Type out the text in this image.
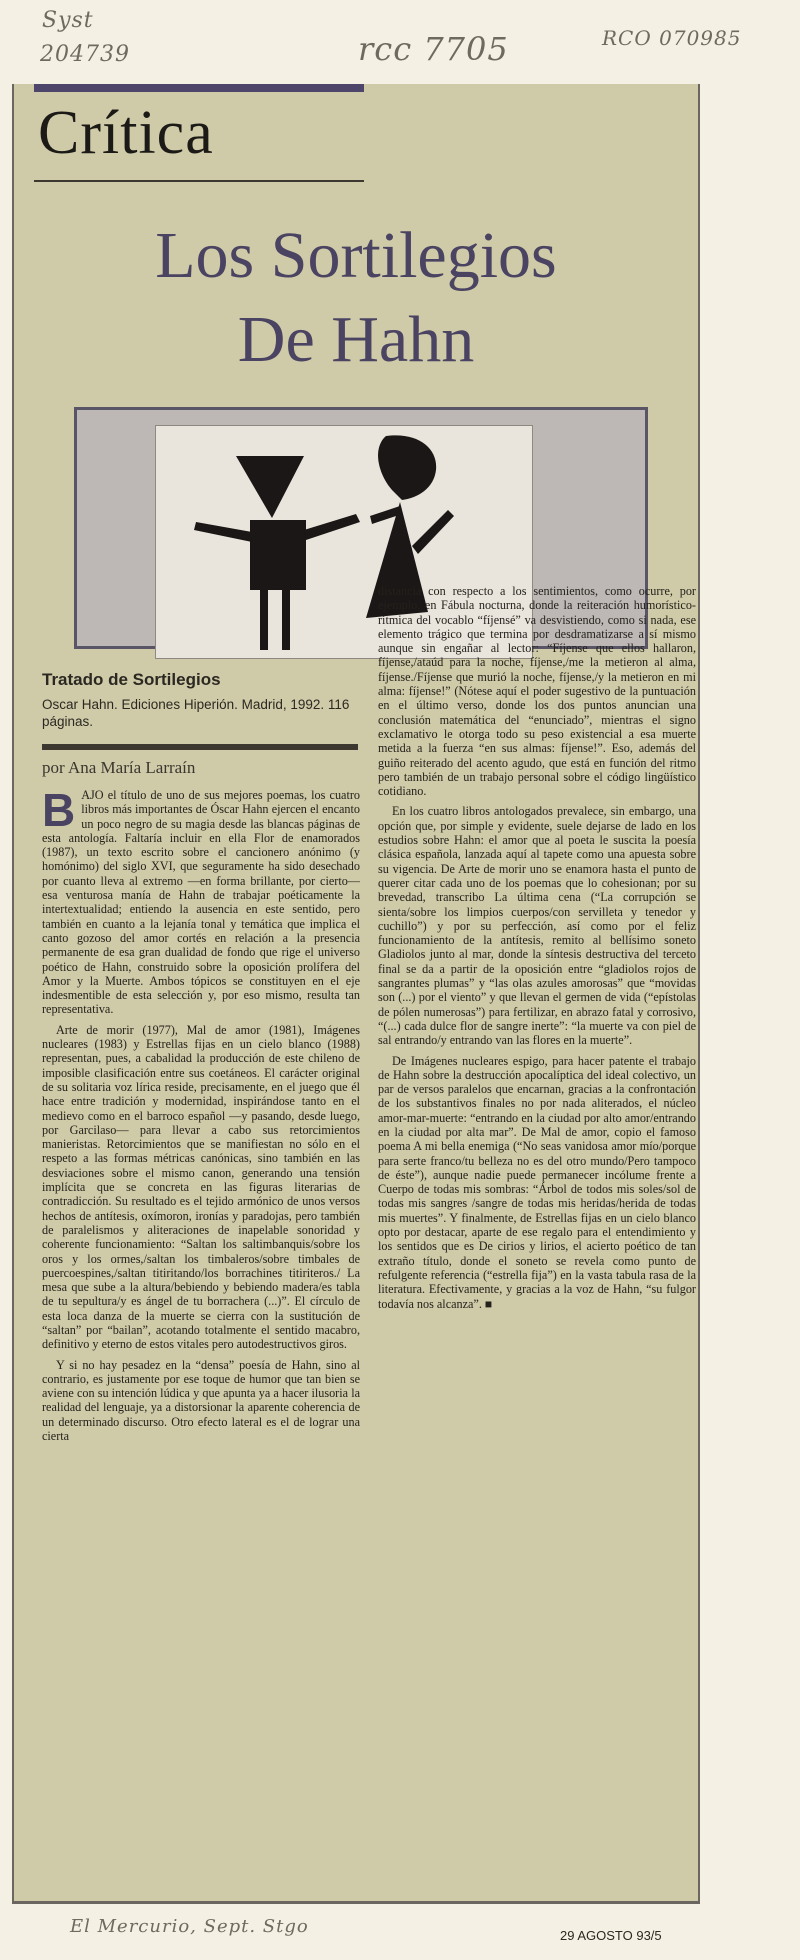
Syst
204739	rcc 7705	RCO 070985
Crítica
Los Sortilegios
De Hahn
Tratado de Sortilegios
Oscar Hahn. Ediciones Hiperión. Madrid, 1992. 116 páginas.
por Ana María Larraín

B AJO el título de uno de sus mejores poemas, los cuatro libros más importantes de Óscar Hahn ejercen el encanto un poco negro de su magia desde las blancas páginas de esta antología. Faltaría incluir en ella Flor de enamorados (1987), un texto escrito sobre el cancionero anónimo (y homónimo) del siglo XVI, que seguramente ha sido desechado por cuanto lleva al extremo —en forma brillante, por cierto— esa venturosa manía de Hahn de trabajar poéticamente la intertextualidad; entiendo la ausencia en este sentido, pero también en cuanto a la lejanía tonal y temática que implica el canto gozoso del amor cortés en relación a la presencia permanente de esa gran dualidad de fondo que rige el universo poético de Hahn, construido sobre la oposición prolífera del Amor y la Muerte. Ambos tópicos se constituyen en el eje indesmentible de esta selección y, por eso mismo, resulta tan representativa.

Arte de morir (1977), Mal de amor (1981), Imágenes nucleares (1983) y Estrellas fijas en un cielo blanco (1988) representan, pues, a cabalidad la producción de este chileno de imposible clasificación entre sus coetáneos. El carácter original de su solitaria voz lírica reside, precisamente, en el juego que él hace entre tradición y modernidad, inspirándose tanto en el medievo como en el barroco español —y pasando, desde luego, por Garcilaso— para llevar a cabo sus retorcimientos manieristas. Retorcimientos que se manifiestan no sólo en el respeto a las formas métricas canónicas, sino también en las desviaciones sobre el mismo canon, generando una tensión implícita que se concreta en las figuras literarias de contradicción. Su resultado es el tejido armónico de unos versos hechos de antítesis, oxímoron, ironías y paradojas, pero también de paralelismos y aliteraciones de inapelable sonoridad y coherente funcionamiento: “Saltan los saltimbanquis/sobre los oros y los ormes,/saltan los timbaleros/sobre timbales de puercoespines,/saltan titiritando/los borrachines titiriteros./ La mesa que sube a la altura/bebiendo y bebiendo madera/es tabla de tu sepultura/y es ángel de tu borrachera (...)”. El círculo de esta loca danza de la muerte se cierra con la sustitución de “saltan” por “bailan”, acotando totalmente el sentido macabro, definitivo y eterno de estos vitales pero autodestructivos giros.

Y si no hay pesadez en la “densa” poesía de Hahn, sino al contrario, es justamente por ese toque de humor que tan bien se aviene con su intención lúdica y que apunta ya a hacer ilusoria la realidad del lenguaje, ya a distorsionar la aparente coherencia de un determinado discurso. Otro efecto lateral es el de lograr una cierta

distancia con respecto a los sentimientos, como ocurre, por ejemplo, en Fábula nocturna, donde la reiteración humorístico-rítmica del vocablo “fíjensé” va desvistiendo, como si nada, ese elemento trágico que termina por desdramatizarse a sí mismo aunque sin engañar al lector: “Fíjense que ellos hallaron, fíjense,/ataúd para la noche, fíjense,/me la metieron al alma, fíjense./Fíjense que murió la noche, fíjense,/y la metieron en mi alma: fíjense!” (Nótese aquí el poder sugestivo de la puntuación en el último verso, donde los dos puntos anuncian una conclusión matemática del “enunciado”, mientras el signo exclamativo le otorga todo su peso existencial a esa muerte metida a la fuerza “en sus almas: fíjense!”. Eso, además del guiño reiterado del acento agudo, que está en función del ritmo pero también de un trabajo personal sobre el código lingüístico cotidiano.

En los cuatro libros antologados prevalece, sin embargo, una opción que, por simple y evidente, suele dejarse de lado en los estudios sobre Hahn: el amor que al poeta le suscita la poesía clásica española, lanzada aquí al tapete como una apuesta sobre su vigencia. De Arte de morir uno se enamora hasta el punto de querer citar cada uno de los poemas que lo cohesionan; por su brevedad, transcribo La última cena (“La corrupción se sienta/sobre los limpios cuerpos/con servilleta y tenedor y cuchillo”) y por su perfección, así como por el feliz funcionamiento de la antítesis, remito al bellísimo soneto Gladiolos junto al mar, donde la síntesis destructiva del terceto final se da a partir de la oposición entre “gladiolos rojos de sangrantes plumas” y “las olas azules amorosas” que “movidas son (...) por el viento” y que llevan el germen de vida (“epístolas de pólen numerosas”) para fertilizar, en abrazo fatal y corrosivo, “(...) cada dulce flor de sangre inerte”: “la muerte va con piel de sal entrando/y entrando van las flores en la muerte”.

De Imágenes nucleares espigo, para hacer patente el trabajo de Hahn sobre la destrucción apocalíptica del ideal colectivo, un par de versos paralelos que encarnan, gracias a la confrontación de los substantivos finales no por nada aliterados, el núcleo amor-mar-muerte: “entrando en la ciudad por alto amor/entrando en la ciudad por alta mar”. De Mal de amor, copio el famoso poema A mi bella enemiga (“No seas vanidosa amor mío/porque para serte franco/tu belleza no es del otro mundo/Pero tampoco de éste”), aunque nadie puede permanecer incólume frente a Cuerpo de todas mis sombras: “Árbol de todos mis soles/sol de todas mis sangres /sangre de todas mis heridas/herida de todas mis muertes”. Y finalmente, de Estrellas fijas en un cielo blanco opto por destacar, aparte de ese regalo para el entendimiento y los sentidos que es De cirios y lirios, el acierto poético de tan extraño título, donde el soneto se revela como punto de refulgente referencia (“estrella fija”) en la vasta tabula rasa de la literatura. Efectivamente, y gracias a la voz de Hahn, “su fulgor todavía nos alcanza”. ■

El Mercurio, Sept. Stgo	29 AGOSTO 93/5
